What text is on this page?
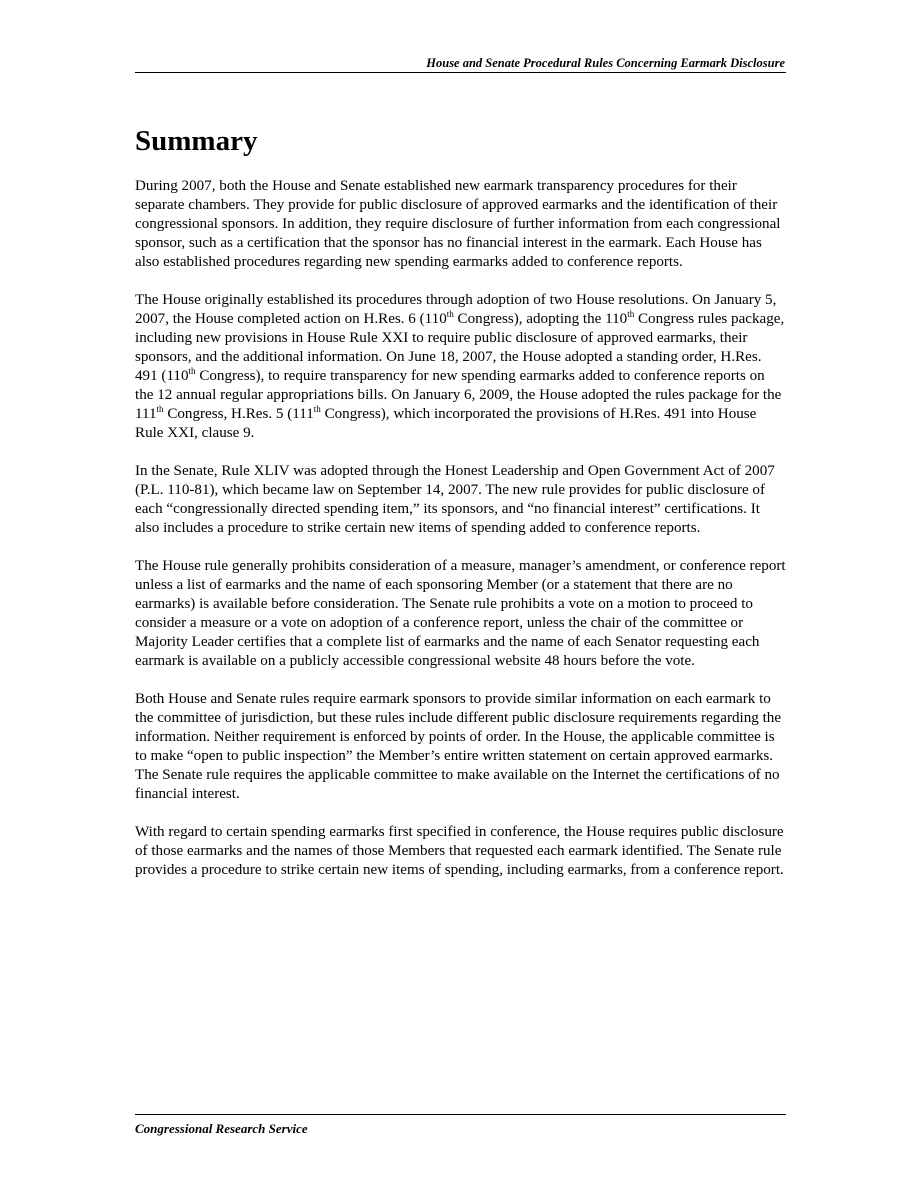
House and Senate Procedural Rules Concerning Earmark Disclosure
Summary

During 2007, both the House and Senate established new earmark transparency procedures for their separate chambers. They provide for public disclosure of approved earmarks and the identification of their congressional sponsors. In addition, they require disclosure of further information from each congressional sponsor, such as a certification that the sponsor has no financial interest in the earmark. Each House has also established procedures regarding new spending earmarks added to conference reports.

The House originally established its procedures through adoption of two House resolutions. On January 5, 2007, the House completed action on H.Res. 6 (110th Congress), adopting the 110th Congress rules package, including new provisions in House Rule XXI to require public disclosure of approved earmarks, their sponsors, and the additional information. On June 18, 2007, the House adopted a standing order, H.Res. 491 (110th Congress), to require transparency for new spending earmarks added to conference reports on the 12 annual regular appropriations bills. On January 6, 2009, the House adopted the rules package for the 111th Congress, H.Res. 5 (111th Congress), which incorporated the provisions of H.Res. 491 into House Rule XXI, clause 9.

In the Senate, Rule XLIV was adopted through the Honest Leadership and Open Government Act of 2007 (P.L. 110-81), which became law on September 14, 2007. The new rule provides for public disclosure of each “congressionally directed spending item,” its sponsors, and “no financial interest” certifications. It also includes a procedure to strike certain new items of spending added to conference reports.

The House rule generally prohibits consideration of a measure, manager’s amendment, or conference report unless a list of earmarks and the name of each sponsoring Member (or a statement that there are no earmarks) is available before consideration. The Senate rule prohibits a vote on a motion to proceed to consider a measure or a vote on adoption of a conference report, unless the chair of the committee or Majority Leader certifies that a complete list of earmarks and the name of each Senator requesting each earmark is available on a publicly accessible congressional website 48 hours before the vote.

Both House and Senate rules require earmark sponsors to provide similar information on each earmark to the committee of jurisdiction, but these rules include different public disclosure requirements regarding the information. Neither requirement is enforced by points of order. In the House, the applicable committee is to make “open to public inspection” the Member’s entire written statement on certain approved earmarks. The Senate rule requires the applicable committee to make available on the Internet the certifications of no financial interest.

With regard to certain spending earmarks first specified in conference, the House requires public disclosure of those earmarks and the names of those Members that requested each earmark identified. The Senate rule provides a procedure to strike certain new items of spending, including earmarks, from a conference report.

Congressional Research Service
